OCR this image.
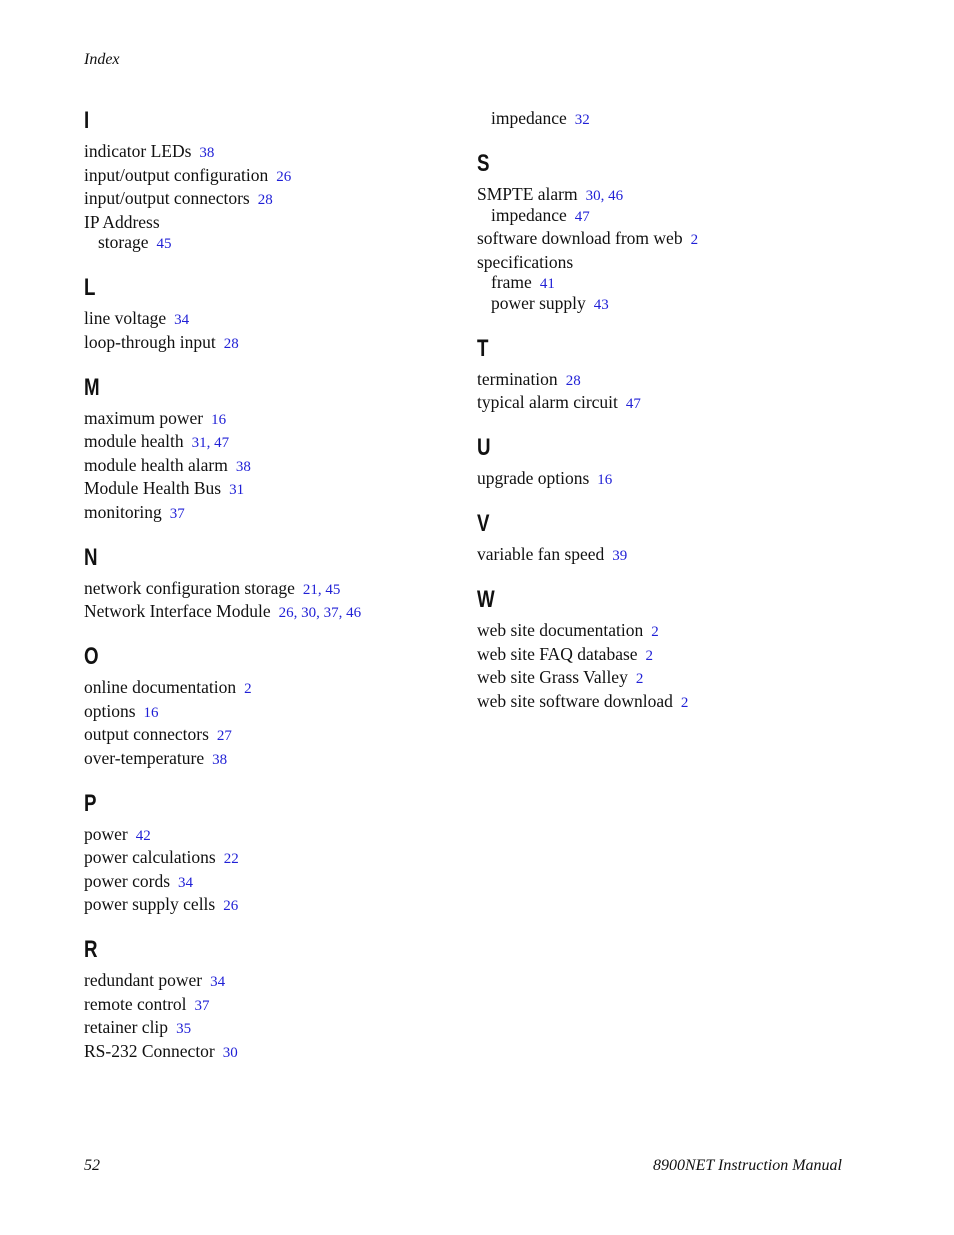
Index
I
indicator LEDs 38
input/output configuration 26
input/output connectors 28
IP Address
storage 45
L
line voltage 34
loop-through input 28
M
maximum power 16
module health 31, 47
module health alarm 38
Module Health Bus 31
monitoring 37
N
network configuration storage 21, 45
Network Interface Module 26, 30, 37, 46
O
online documentation 2
options 16
output connectors 27
over-temperature 38
P
power 42
power calculations 22
power cords 34
power supply cells 26
R
redundant power 34
remote control 37
retainer clip 35
RS-232 Connector 30
impedance 32
S
SMPTE alarm 30, 46
impedance 47
software download from web 2
specifications
frame 41
power supply 43
T
termination 28
typical alarm circuit 47
U
upgrade options 16
V
variable fan speed 39
W
web site documentation 2
web site FAQ database 2
web site Grass Valley 2
web site software download 2
52	8900NET Instruction Manual
